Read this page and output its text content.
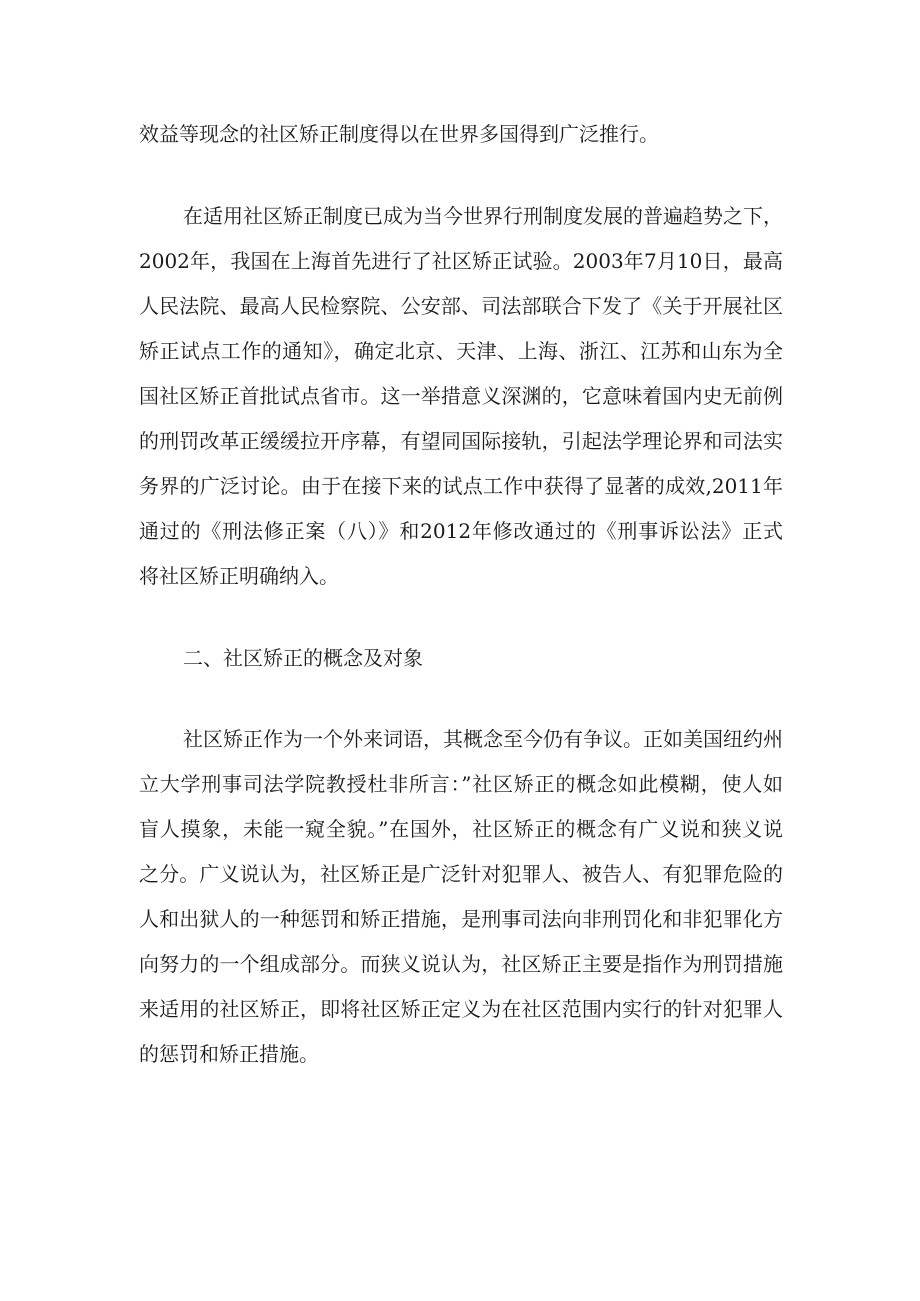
效益等现念的社区矫正制度得以在世界多国得到广泛推行。

在适用社区矫正制度已成为当今世界行刑制度发展的普遍趋势之下，

2002年，我国在上海首先进行了社区矫正试验。2003年7月10日，最高

人民法院、最高人民检察院、公安部、司法部联合下发了《关于开展社区

矫正试点工作的通知》，确定北京、天津、上海、浙江、江苏和山东为全

国社区矫正首批试点省市。这一举措意义深渊的，它意味着国内史无前例

的刑罚改革正缓缓拉开序幕，有望同国际接轨，引起法学理论界和司法实

务界的广泛讨论。由于在接下来的试点工作中获得了显著的成效,2011年

通过的《刑法修正案（八）》和2012年修改通过的《刑事诉讼法》正式

将社区矫正明确纳入。

二、社区矫正的概念及对象

社区矫正作为一个外来词语，其概念至今仍有争议。正如美国纽约州

立大学刑事司法学院教授杜非所言：”社区矫正的概念如此模糊，使人如

盲人摸象，未能一窥全貌。”在国外，社区矫正的概念有广义说和狭义说

之分。广义说认为，社区矫正是广泛针对犯罪人、被告人、有犯罪危险的

人和出狱人的一种惩罚和矫正措施，是刑事司法向非刑罚化和非犯罪化方

向努力的一个组成部分。而狭义说认为，社区矫正主要是指作为刑罚措施

来适用的社区矫正，即将社区矫正定义为在社区范围内实行的针对犯罪人

的惩罚和矫正措施。
